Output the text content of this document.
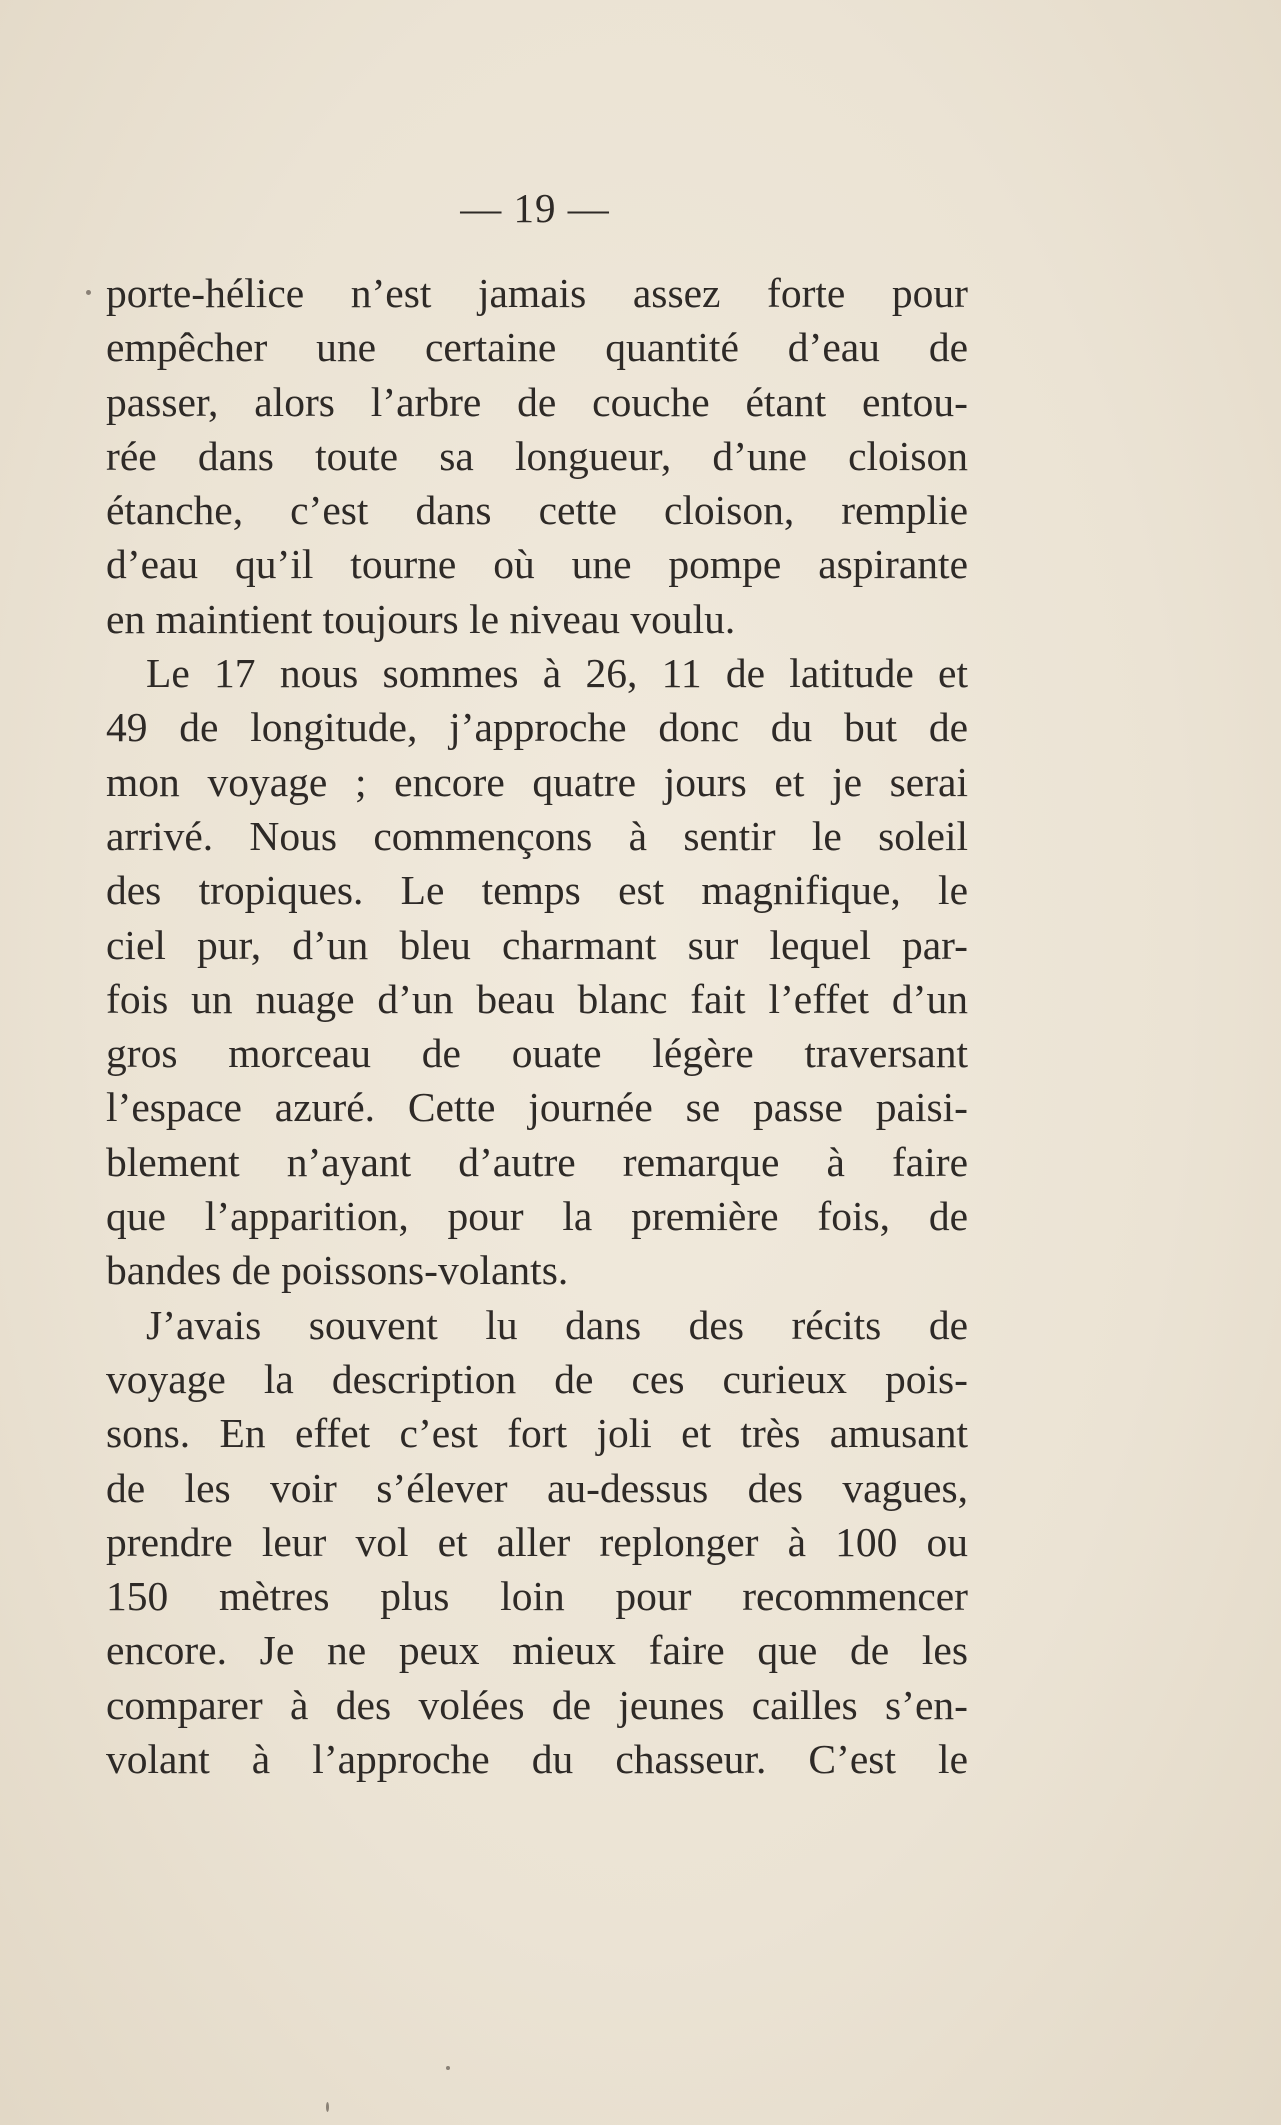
— 19 —
porte-hélice n’est jamais assez forte pour
empêcher une certaine quantité d’eau de
passer, alors l’arbre de couche étant entou-
rée dans toute sa longueur, d’une cloison
étanche, c’est dans cette cloison, remplie
d’eau qu’il tourne où une pompe aspirante
en maintient toujours le niveau voulu.
Le 17 nous sommes à 26, 11 de latitude et
49 de longitude, j’approche donc du but de
mon voyage ; encore quatre jours et je serai
arrivé. Nous commençons à sentir le soleil
des tropiques. Le temps est magnifique, le
ciel pur, d’un bleu charmant sur lequel par-
fois un nuage d’un beau blanc fait l’effet d’un
gros morceau de ouate légère traversant
l’espace azuré. Cette journée se passe paisi-
blement n’ayant d’autre remarque à faire
que l’apparition, pour la première fois, de
bandes de poissons-volants.
J’avais souvent lu dans des récits de
voyage la description de ces curieux pois-
sons. En effet c’est fort joli et très amusant
de les voir s’élever au-dessus des vagues,
prendre leur vol et aller replonger à 100 ou
150 mètres plus loin pour recommencer
encore. Je ne peux mieux faire que de les
comparer à des volées de jeunes cailles s’en-
volant à l’approche du chasseur. C’est le
